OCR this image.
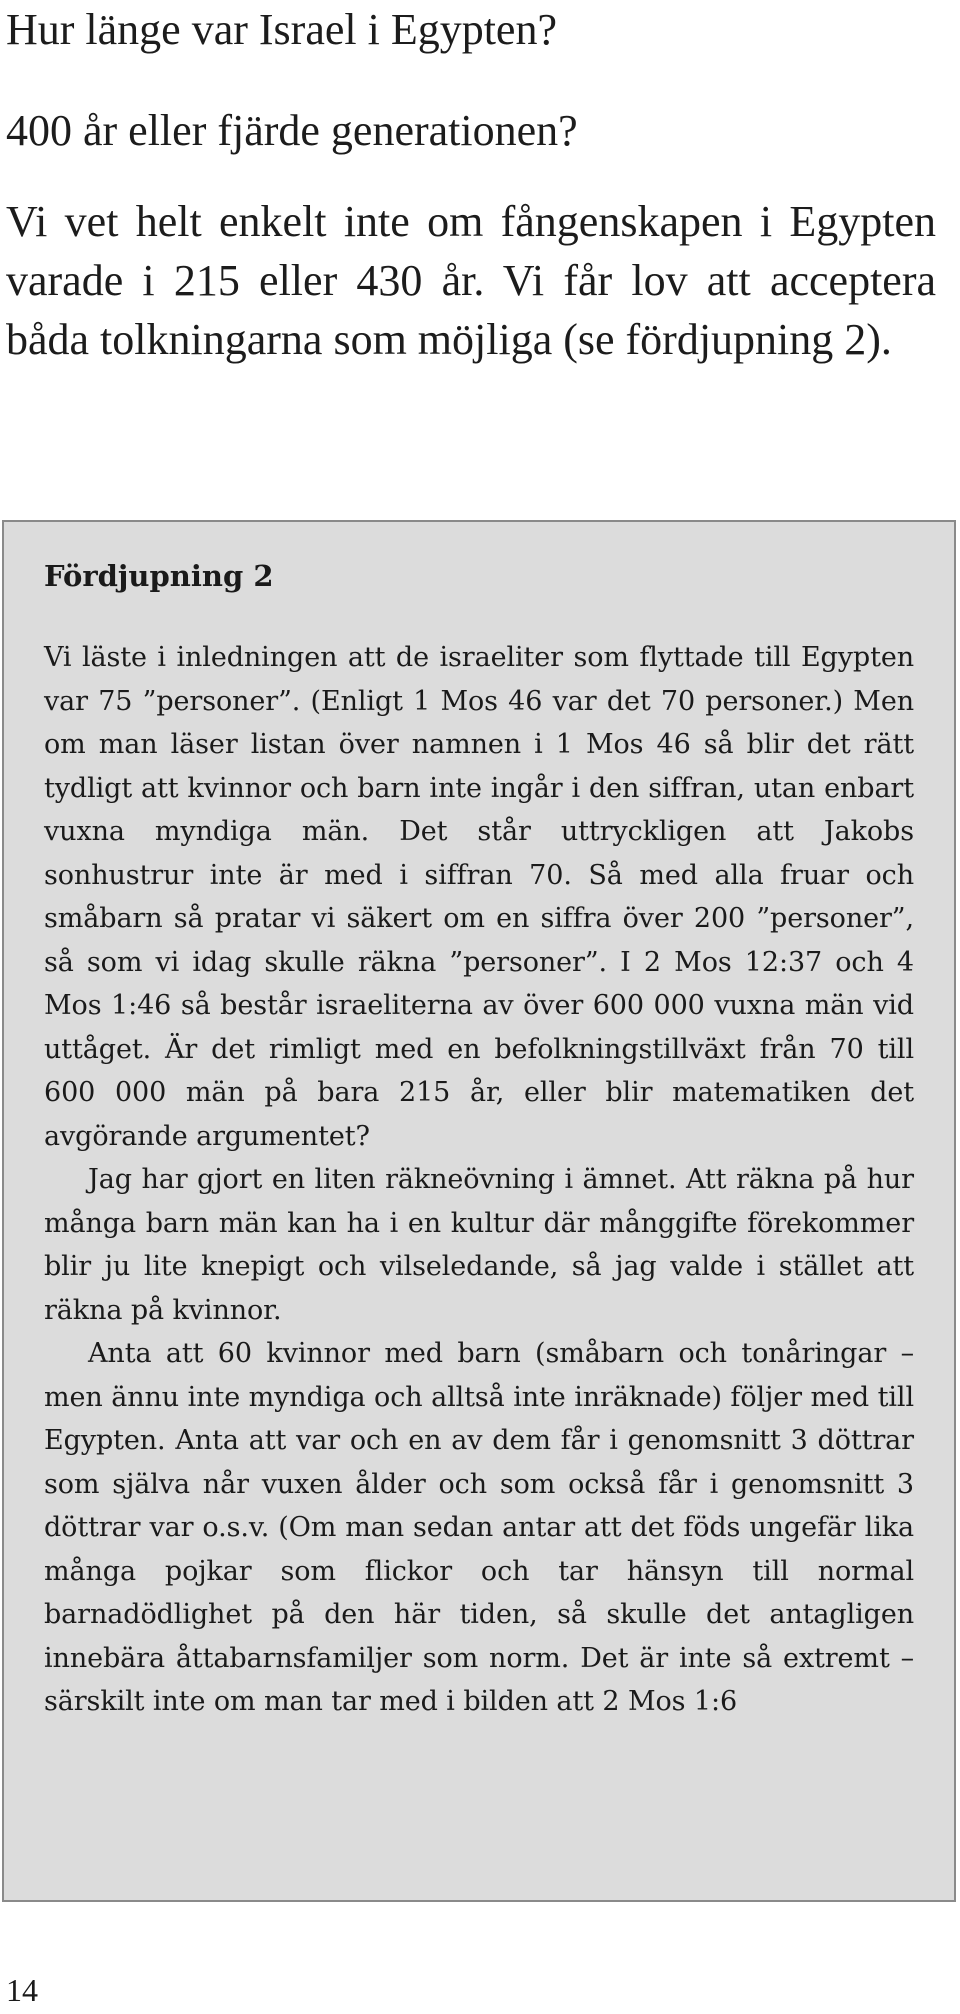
Hur länge var Israel i Egypten?

400 år eller fjärde generationen?

Vi vet helt enkelt inte om fångenskapen i Egypten varade i 215 eller 430 år. Vi får lov att acceptera båda tolkningarna som möjliga (se fördjupning 2).

Fördjupning 2

Vi läste i inledningen att de israeliter som flyttade till Egypten var 75 ”personer”. (Enligt 1 Mos 46 var det 70 personer.) Men om man läser listan över namnen i 1 Mos 46 så blir det rätt tydligt att kvinnor och barn inte ingår i den siffran, utan enbart vuxna myndiga män. Det står uttryckligen att Jakobs sonhustrur inte är med i siffran 70. Så med alla fruar och småbarn så pratar vi säkert om en siffra över 200 ”personer”, så som vi idag skulle räkna ”personer”. I 2 Mos 12:37 och 4 Mos 1:46 så består israeliterna av över 600 000 vuxna män vid uttåget. Är det rimligt med en befolkningstillväxt från 70 till 600 000 män på bara 215 år, eller blir matematiken det avgörande argumentet?

Jag har gjort en liten räkneövning i ämnet. Att räkna på hur många barn män kan ha i en kultur där månggifte förekommer blir ju lite knepigt och vilseledande, så jag valde i stället att räkna på kvinnor.

Anta att 60 kvinnor med barn (småbarn och tonåringar – men ännu inte myndiga och alltså inte inräknade) följer med till Egypten. Anta att var och en av dem får i genomsnitt 3 döttrar som själva når vuxen ålder och som också får i genomsnitt 3 döttrar var o.s.v. (Om man sedan antar att det föds ungefär lika många pojkar som flickor och tar hänsyn till normal barnadödlighet på den här tiden, så skulle det antagligen innebära åttabarnsfamiljer som norm. Det är inte så extremt – särskilt inte om man tar med i bilden att 2 Mos 1:6

14
